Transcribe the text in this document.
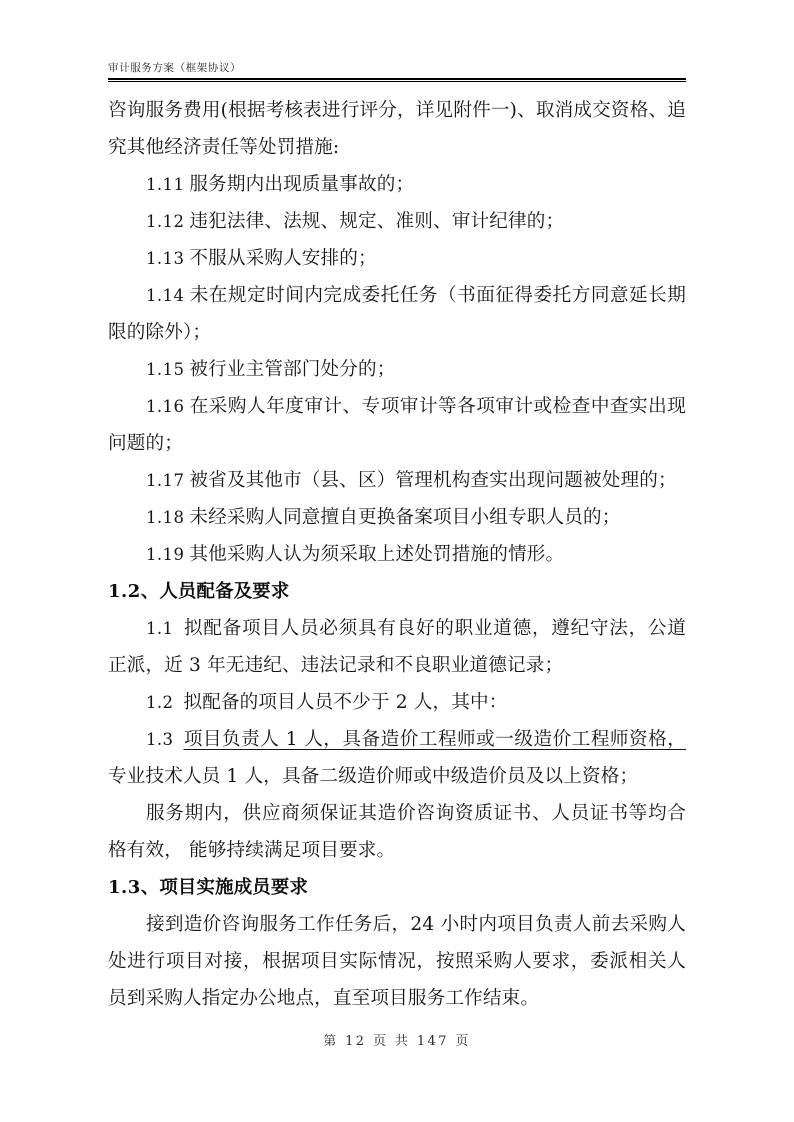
审计服务方案（框架协议）

咨询服务费用(根据考核表进行评分，详见附件一)、取消成交资格、追究其他经济责任等处罚措施:

1.11 服务期内出现质量事故的；

1.12 违犯法律、法规、规定、准则、审计纪律的；

1.13 不服从采购人安排的；

1.14 未在规定时间内完成委托任务（书面征得委托方同意延长期限的除外）；

1.15 被行业主管部门处分的；

1.16 在采购人年度审计、专项审计等各项审计或检查中查实出现问题的；

1.17 被省及其他市（县、区）管理机构查实出现问题被处理的；

1.18 未经采购人同意擅自更换备案项目小组专职人员的；

1.19 其他采购人认为须采取上述处罚措施的情形。

1.2、人员配备及要求

1.1 拟配备项目人员必须具有良好的职业道德，遵纪守法，公道正派，近 3 年无违纪、违法记录和不良职业道德记录；

1.2 拟配备的项目人员不少于 2 人，其中：

1.3 项目负责人 1 人，具备造价工程师或一级造价工程师资格，专业技术人员 1 人，具备二级造价师或中级造价员及以上资格；

服务期内，供应商须保证其造价咨询资质证书、人员证书等均合格有效， 能够持续满足项目要求。

1.3、项目实施成员要求

接到造价咨询服务工作任务后，24 小时内项目负责人前去采购人处进行项目对接，根据项目实际情况，按照采购人要求，委派相关人员到采购人指定办公地点，直至项目服务工作结束。

第 12 页 共 147 页
